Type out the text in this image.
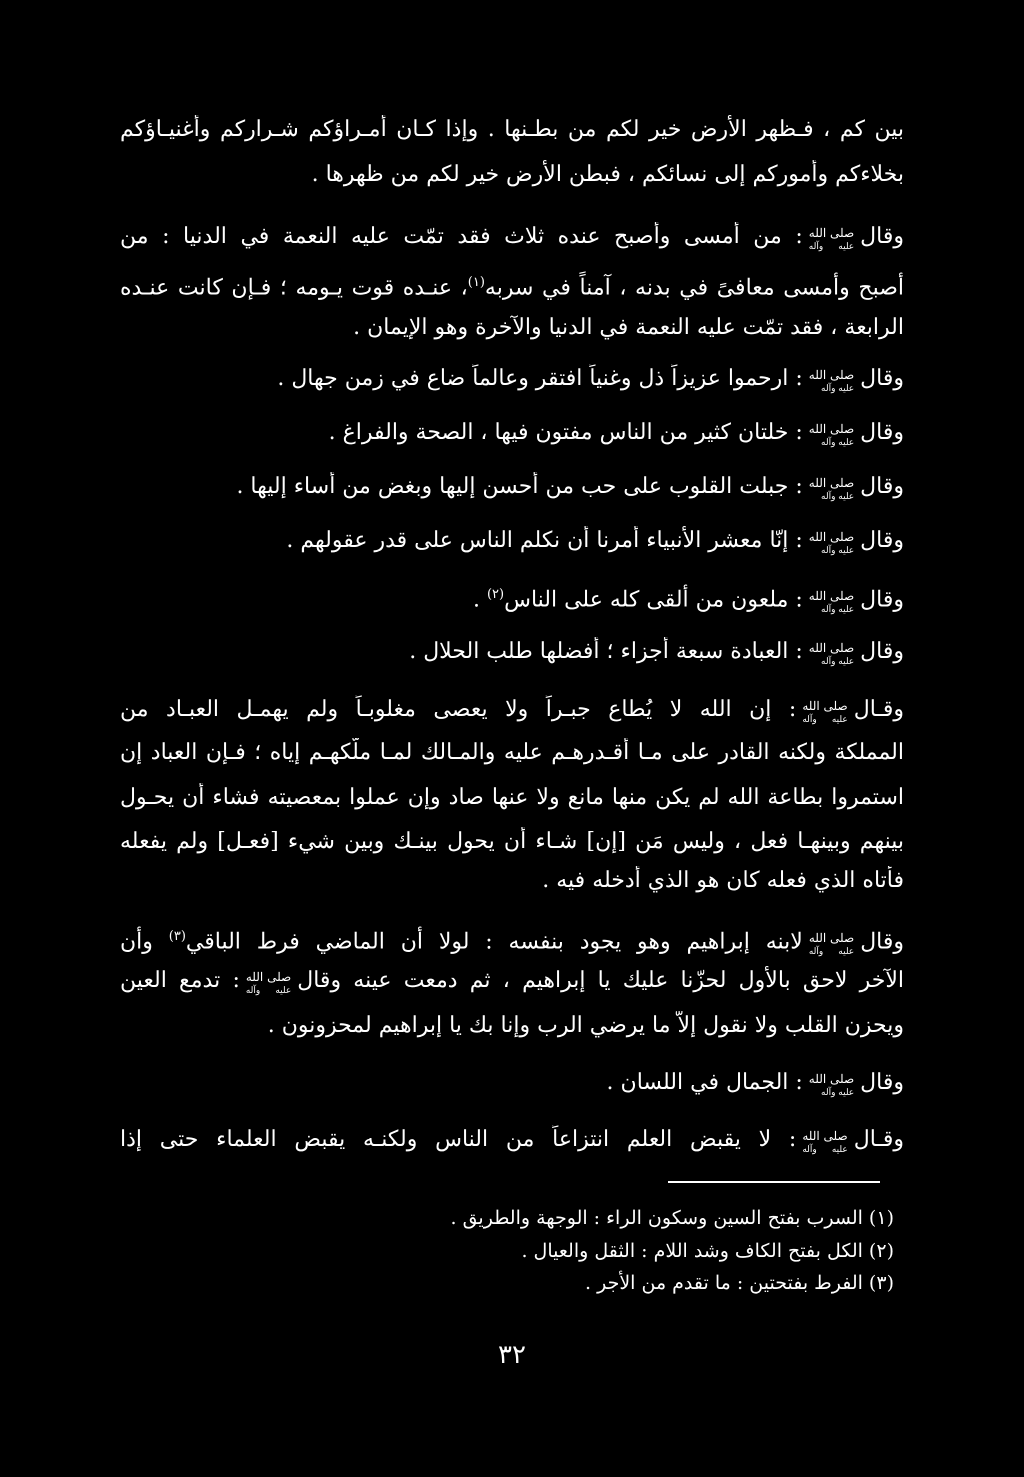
بين كم ، فـظهر الأرض خير لكم من بطـنها . وإذا كـان أُمـراؤكم شـراركم وأغنيـاؤكم
بخلاءكم وأموركم إلى نسائكم ، فبطن الأرض خير لكم من ظهرها .
وقال
صلى الله
عليه وآله
: من أمسى وأصبح عنده ثلاث فقد تمّت عليه النعمة في الدنيا : من
أصبح وأمسى معافىً في بدنه ، آمناً في سربه$^{(١)}$، عنـده قوت يـومه ؛ فـإن كانت عنـده
الرابعة ، فقد تمّت عليه النعمة في الدنيا والآخرة وهو الإيمان .
وقال
صلى الله
عليه وآله
: ارحموا عزيزاً ذل وغنياً افتقر وعالماً ضاع في زمن جهال .
وقال
صلى الله
عليه وآله
: خلتان كثير من الناس مفتون فيها ، الصحة والفراغ .
وقال
صلى الله
عليه وآله
: جبلت القلوب على حب من أحسن إليها وبغض من أساء إليها .
وقال
صلى الله
عليه وآله
: إنّا معشر الأنبياء أُمرنا أن نكلم الناس على قدر عقولهم .
وقال
صلى الله
عليه وآله
: ملعون من ألقى كله على الناس$^{(٢)}$ .
وقال
صلى الله
عليه وآله
: العبادة سبعة أجزاء ؛ أفضلها طلب الحلال .
وقـال
صلى الله
عليه وآله
: إن الله لا يُطاع جبـراً ولا يعصى مغلوبـاً ولم يهمـل العبـاد من
المملكة ولكنه القادر على مـا أقـدرهـم عليه والمـالك لمـا ملّكهـم إياه ؛ فـإن العباد إن
استمروا بطاعة الله لم يكن منها مانع ولا عنها صاد وإن عملوا بمعصيته فشاء أن يحـول
بينهم وبينهـا فعل ، وليس مَن [إن] شـاء أن يحول بينـك وبين شيء [فعـل] ولم يفعله
فأتاه الذي فعله كان هو الذي أدخله فيه .
وقال
صلى الله
عليه وآله
لابنه إبراهيم وهو يجود بنفسه : لولا أن الماضي فرط الباقي$^{(٣)}$ وأن
الآخر لاحق بالأول لحزّنا عليك يا إبراهيم ، ثم دمعت عينه وقال
صلى الله
عليه وآله
: تدمع العين
ويحزن القلب ولا نقول إلاّ ما يرضي الرب وإنا بك يا إبراهيم لمحزونون .
وقال
صلى الله
عليه وآله
: الجمال في اللسان .
وقـال
صلى الله
عليه وآله
: لا يقبض العلم انتزاعاً من الناس ولكنـه يقبض العلماء حتى إذا
(١) السرب بفتح السين وسكون الراء : الوجهة والطريق .
(٢) الكل بفتح الكاف وشد اللام : الثقل والعيال .
(٣) الفرط بفتحتين : ما تقدم من الأجر .
٣٢
